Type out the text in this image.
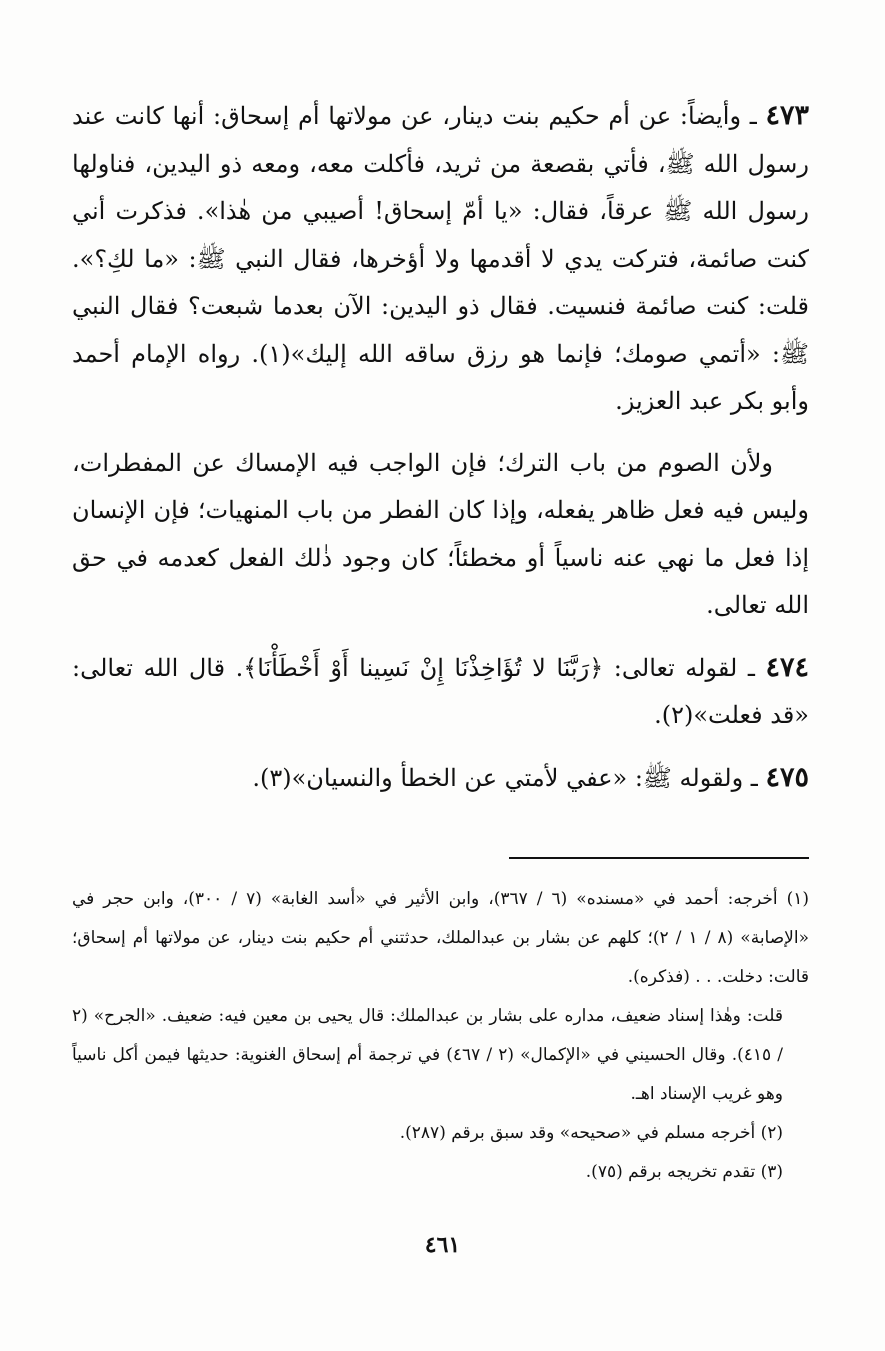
٤٧٣ ـ وأيضاً: عن أم حكيم بنت دينار، عن مولاتها أم إسحاق: أنها كانت عند رسول الله ﷺ، فأتي بقصعة من ثريد، فأكلت معه، ومعه ذو اليدين، فناولها رسول الله ﷺ عرقاً، فقال: «يا أمّ إسحاق! أصيبي من هٰذا». فذكرت أني كنت صائمة، فتركت يدي لا أقدمها ولا أؤخرها، فقال النبي ﷺ: «ما لكِ؟». قلت: كنت صائمة فنسيت. فقال ذو اليدين: الآن بعدما شبعت؟ فقال النبي ﷺ: «أتمي صومك؛ فإنما هو رزق ساقه الله إليك»(١). رواه الإمام أحمد وأبو بكر عبد العزيز.

ولأن الصوم من باب الترك؛ فإن الواجب فيه الإمساك عن المفطرات، وليس فيه فعل ظاهر يفعله، وإذا كان الفطر من باب المنهيات؛ فإن الإنسان إذا فعل ما نهي عنه ناسياً أو مخطئاً؛ كان وجود ذٰلك الفعل كعدمه في حق الله تعالى.

٤٧٤ ـ لقوله تعالى: ﴿رَبَّنَا لا تُؤَاخِذْنَا إِنْ نَسِينا أَوْ أَخْطَأْنَا﴾. قال الله تعالى: «قد فعلت»(٢).

٤٧٥ ـ ولقوله ﷺ: «عفي لأمتي عن الخطأ والنسيان»(٣).

(١) أخرجه: أحمد في «مسنده» (٦ / ٣٦٧)، وابن الأثير في «أسد الغابة» (٧ / ٣٠٠)، وابن حجر في «الإصابة» (٨ / ١ / ٢)؛ كلهم عن بشار بن عبدالملك، حدثتني أم حكيم بنت دينار، عن مولاتها أم إسحاق؛ قالت: دخلت. . . (فذكره).

قلت: وهٰذا إسناد ضعيف، مداره على بشار بن عبدالملك: قال يحيى بن معين فيه: ضعيف. «الجرح» (٢ / ٤١٥). وقال الحسيني في «الإكمال» (٢ / ٤٦٧) في ترجمة أم إسحاق الغنوية: حديثها فيمن أكل ناسياً وهو غريب الإسناد اهـ.

(٢) أخرجه مسلم في «صحيحه» وقد سبق برقم (٢٨٧).

(٣) تقدم تخريجه برقم (٧٥).

٤٦١
